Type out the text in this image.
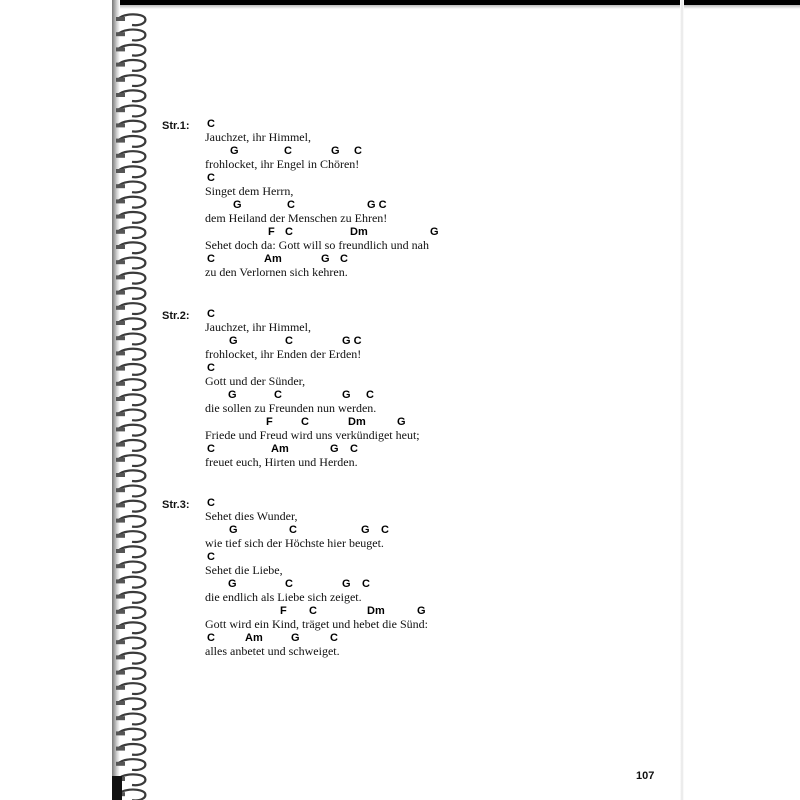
Str.1: C
Jauchzet, ihr Himmel,
G	C	G C
frohlocket, ihr Engel in Chören!
C
Singet dem Herrn,
G	C	G C
dem Heiland der Menschen zu Ehren!
F C	Dm	G
Sehet doch da: Gott will so freundlich und nah
C	Am	G C
zu den Verlornen sich kehren.
Str.2: C
Jauchzet, ihr Himmel,
G	C	G C
frohlocket, ihr Enden der Erden!
C
Gott und der Sünder,
G	C	G C
die sollen zu Freunden nun werden.
F	C	Dm	G
Friede und Freud wird uns verkündiget heut;
C	Am	G C
freuet euch, Hirten und Herden.
Str.3: C
Sehet dies Wunder,
G	C	G C
wie tief sich der Höchste hier beuget.
C
Sehet die Liebe,
G	C	G C
die endlich als Liebe sich zeiget.
F C	Dm	G
Gott wird ein Kind, träget und hebet die Sünd:
C	Am	G	C
alles anbetet und schweiget.
107
